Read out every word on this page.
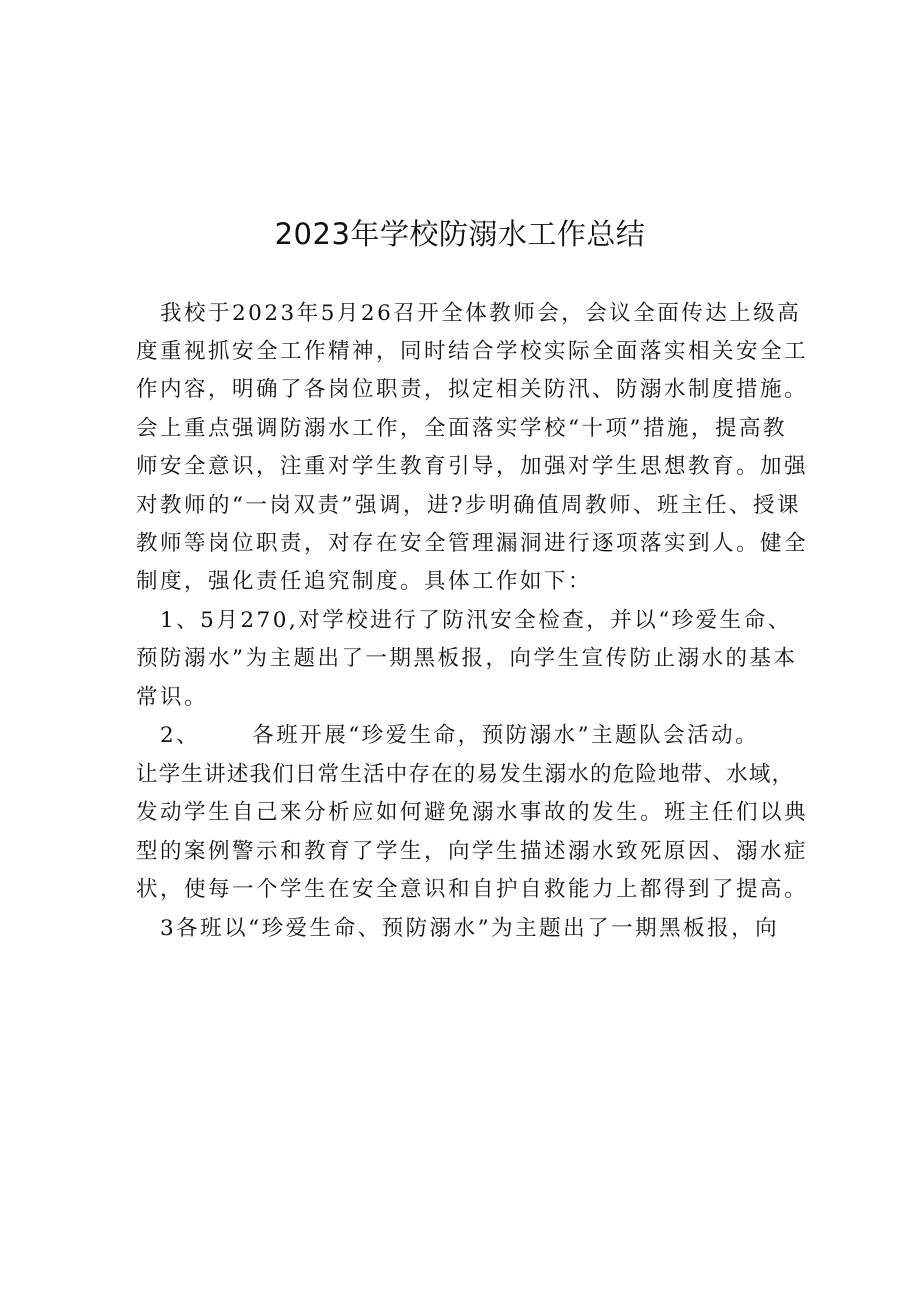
2023年学校防溺水工作总结
我校于2023年5月26召开全体教师会，会议全面传达上级高
度重视抓安全工作精神，同时结合学校实际全面落实相关安全工
作内容，明确了各岗位职责，拟定相关防汛、防溺水制度措施。
会上重点强调防溺水工作，全面落实学校“十项”措施，提高教
师安全意识，注重对学生教育引导，加强对学生思想教育。加强
对教师的“一岗双责”强调，进?步明确值周教师、班主任、授课
教师等岗位职责，对存在安全管理漏洞进行逐项落实到人。健全
制度，强化责任追究制度。具体工作如下：
1、5月270,对学校进行了防汛安全检查，并以“珍爱生命、
预防溺水”为主题出了一期黑板报，向学生宣传防止溺水的基本
常识。
2、 各班开展“珍爱生命，预防溺水”主题队会活动。
让学生讲述我们日常生活中存在的易发生溺水的危险地带、水域，
发动学生自己来分析应如何避免溺水事故的发生。班主任们以典
型的案例警示和教育了学生，向学生描述溺水致死原因、溺水症
状，使每一个学生在安全意识和自护自救能力上都得到了提高。
3各班以“珍爱生命、预防溺水”为主题出了一期黑板报，向
